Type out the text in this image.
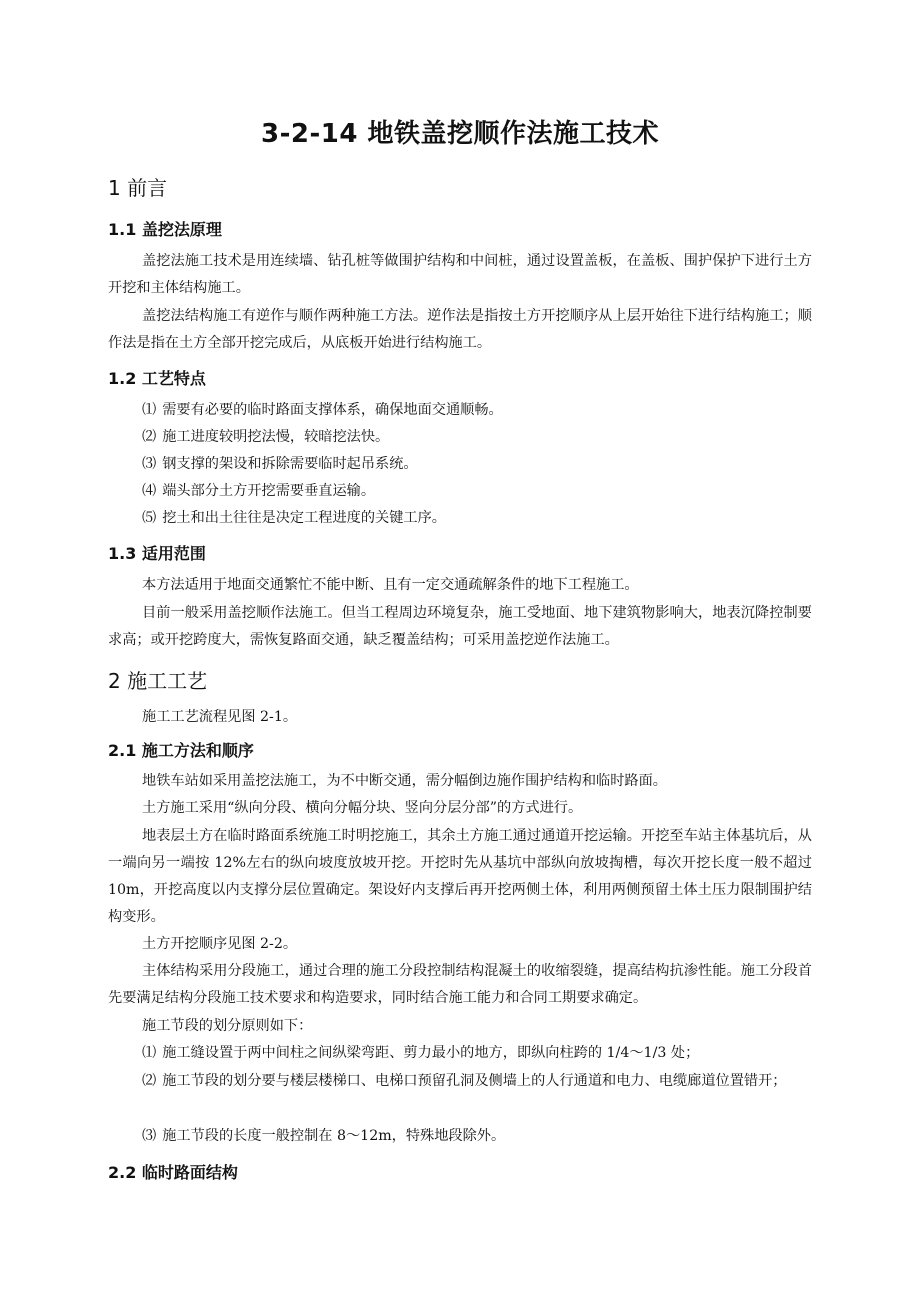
3-2-14 地铁盖挖顺作法施工技术
1 前言
1.1 盖挖法原理
盖挖法施工技术是用连续墙、钻孔桩等做围护结构和中间桩，通过设置盖板，在盖板、围护保护下进行土方开挖和主体结构施工。
盖挖法结构施工有逆作与顺作两种施工方法。逆作法是指按土方开挖顺序从上层开始往下进行结构施工；顺作法是指在土方全部开挖完成后，从底板开始进行结构施工。
1.2 工艺特点
⑴ 需要有必要的临时路面支撑体系，确保地面交通顺畅。
⑵ 施工进度较明挖法慢，较暗挖法快。
⑶ 钢支撑的架设和拆除需要临时起吊系统。
⑷ 端头部分土方开挖需要垂直运输。
⑸ 挖土和出土往往是决定工程进度的关键工序。
1.3 适用范围
本方法适用于地面交通繁忙不能中断、且有一定交通疏解条件的地下工程施工。
目前一般采用盖挖顺作法施工。但当工程周边环境复杂，施工受地面、地下建筑物影响大，地表沉降控制要求高；或开挖跨度大，需恢复路面交通，缺乏覆盖结构；可采用盖挖逆作法施工。
2 施工工艺
施工工艺流程见图 2-1。
2.1 施工方法和顺序
地铁车站如采用盖挖法施工，为不中断交通，需分幅倒边施作围护结构和临时路面。
土方施工采用“纵向分段、横向分幅分块、竖向分层分部”的方式进行。
地表层土方在临时路面系统施工时明挖施工，其余土方施工通过通道开挖运输。开挖至车站主体基坑后，从一端向另一端按 12%左右的纵向坡度放坡开挖。开挖时先从基坑中部纵向放坡掏槽，每次开挖长度一般不超过 10m，开挖高度以内支撑分层位置确定。架设好内支撑后再开挖两侧土体，利用两侧预留土体土压力限制围护结构变形。
土方开挖顺序见图 2-2。
主体结构采用分段施工，通过合理的施工分段控制结构混凝土的收缩裂缝，提高结构抗渗性能。施工分段首先要满足结构分段施工技术要求和构造要求，同时结合施工能力和合同工期要求确定。
施工节段的划分原则如下：
⑴ 施工缝设置于两中间柱之间纵梁弯距、剪力最小的地方，即纵向柱跨的 1/4～1/3 处；
⑵ 施工节段的划分要与楼层楼梯口、电梯口预留孔洞及侧墙上的人行通道和电力、电缆廊道位置错开；
⑶ 施工节段的长度一般控制在 8～12m，特殊地段除外。
2.2 临时路面结构
